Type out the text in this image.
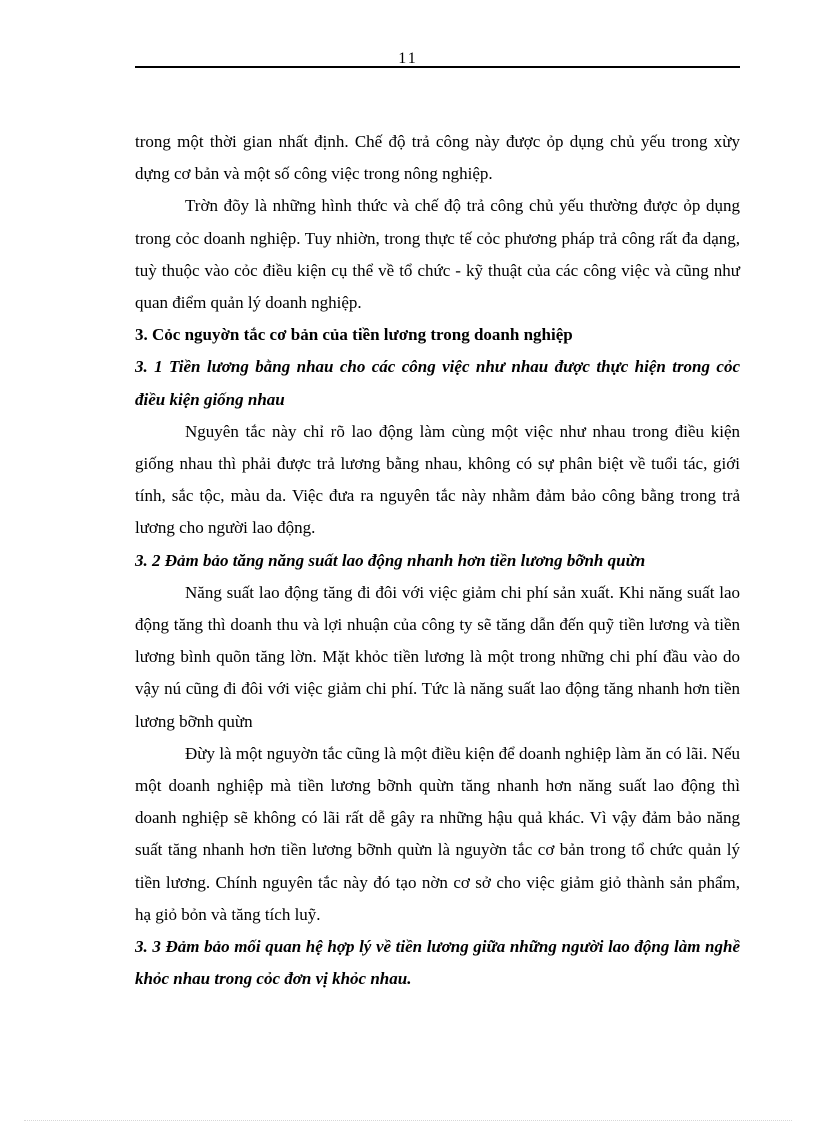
11

trong một thời gian nhất định. Chế độ trả công này được ỏp dụng chủ yếu trong xừy dựng cơ bản và một số công việc trong nông nghiệp.

Trờn đõy là những hình thức và chế độ trả công chủ yếu thường được ỏp dụng trong cỏc doanh nghiệp. Tuy nhiờn, trong thực tế cỏc phương pháp trả công rất đa dạng, tuỳ thuộc vào cỏc điều kiện cụ thể về tổ chức - kỹ thuật của các công việc và cũng như quan điểm quản lý doanh nghiệp.

3. Cỏc nguyờn tắc cơ bản của tiền lương trong doanh nghiệp

3. 1 Tiền lương bằng nhau cho các công việc như nhau được thực hiện trong cỏc điều kiện giống nhau

Nguyên tắc này chỉ rõ lao động làm cùng một việc như nhau trong điều kiện giống nhau thì phải được trả lương bằng nhau, không có sự phân biệt về tuổi tác, giới tính, sắc tộc, màu da. Việc đưa ra nguyên tắc này nhằm đảm bảo công bằng trong trả lương cho người lao động.

3. 2 Đảm bảo tăng năng suất lao động nhanh hơn tiền lương bỡnh quừn

Năng suất lao động tăng đi đôi với việc giảm chi phí sản xuất. Khi năng suất lao động tăng thì doanh thu và lợi nhuận của công ty sẽ tăng dẫn đến quỹ tiền lương và tiền lương bình quõn tăng lờn. Mặt khỏc tiền lương là một trong những chi phí đầu vào do vậy nú cũng đi đôi với việc giảm chi phí. Tức là năng suất lao động tăng nhanh hơn tiền lương bỡnh quừn

Đừy là một nguyờn tắc cũng là một điều kiện để doanh nghiệp làm ăn có lãi. Nếu một doanh nghiệp mà tiền lương bỡnh quừn tăng nhanh hơn năng suất lao động thì doanh nghiệp sẽ không có lãi rất dễ gây ra những hậu quả khác. Vì vậy đảm bảo năng suất tăng nhanh hơn tiền lương bỡnh quừn là nguyờn tắc cơ bản trong tổ chức quản lý tiền lương. Chính nguyên tắc này đó tạo nờn cơ sở cho việc giảm giỏ thành sản phẩm, hạ giỏ bỏn và tăng tích luỹ.

3. 3 Đảm bảo mối quan hệ hợp lý về tiền lương giữa những người lao động làm nghề khỏc nhau trong cỏc đơn vị khỏc nhau.
